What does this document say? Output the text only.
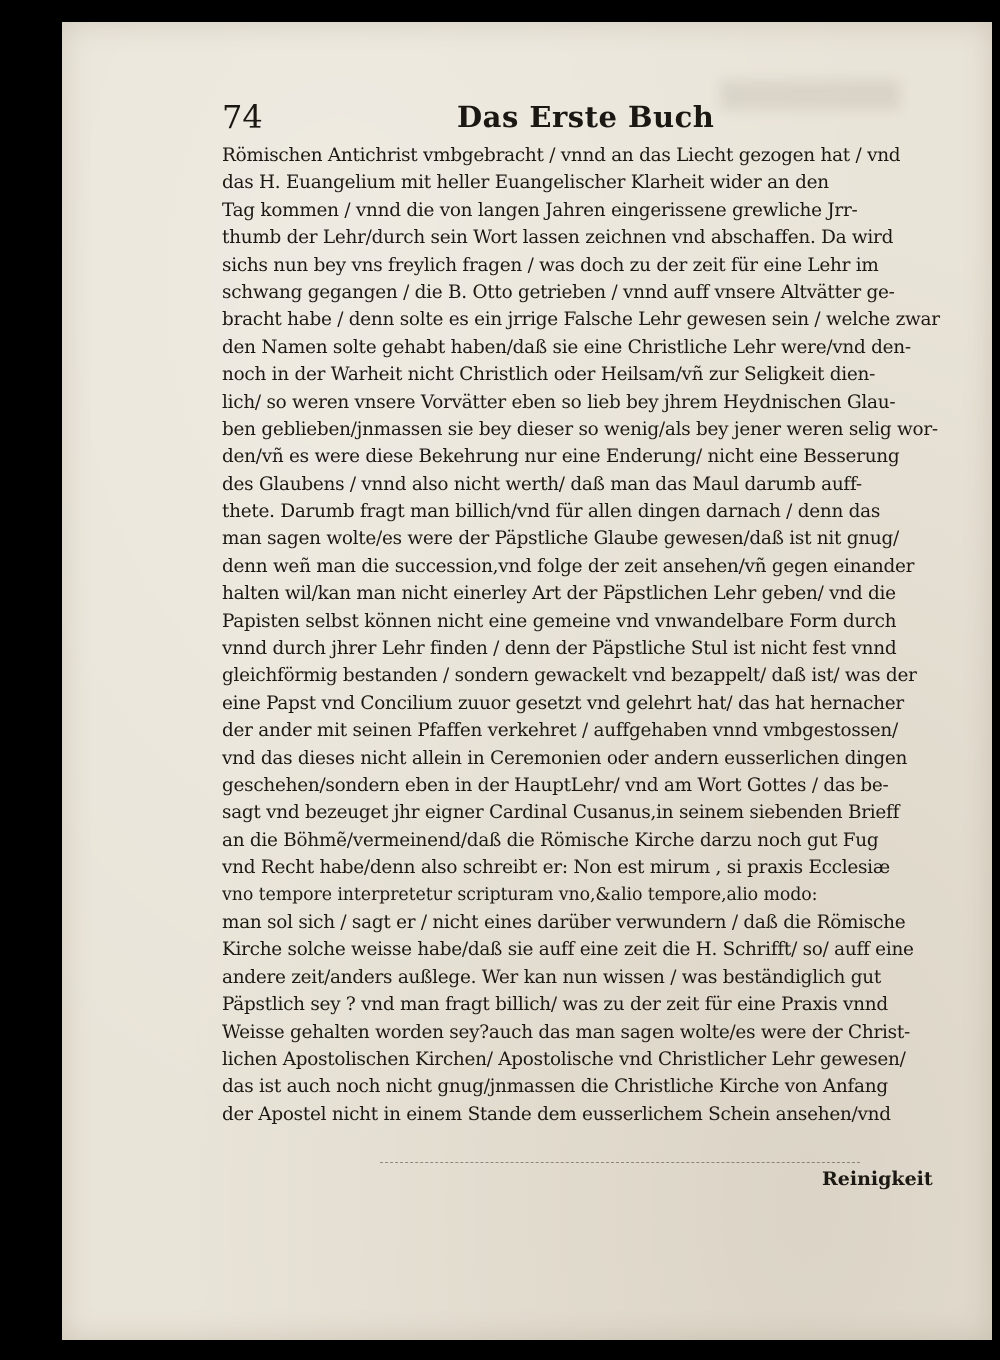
74	Das Erste Buch
Römischen Antichrist vmbgebracht / vnnd an das Liecht gezogen hat / vnd
das H. Euangelium mit heller Euangelischer Klarheit wider an den
Tag kommen / vnnd die von langen Jahren eingerissene grewliche Jrr-
thumb der Lehr/durch sein Wort lassen zeichnen vnd abschaffen. Da wird
sichs nun bey vns freylich fragen / was doch zu der zeit für eine Lehr im
schwang gegangen / die B. Otto getrieben / vnnd auff vnsere Altvätter ge-
bracht habe / denn solte es ein jrrige Falsche Lehr gewesen sein / welche zwar
den Namen solte gehabt haben/daß sie eine Christliche Lehr were/vnd den-
noch in der Warheit nicht Christlich oder Heilsam/vñ zur Seligkeit dien-
lich/ so weren vnsere Vorvätter eben so lieb bey jhrem Heydnischen Glau-
ben geblieben/jnmassen sie bey dieser so wenig/als bey jener weren selig wor-
den/vñ es were diese Bekehrung nur eine Enderung/ nicht eine Besserung
des Glaubens / vnnd also nicht werth/ daß man das Maul darumb auff-
thete. Darumb fragt man billich/vnd für allen dingen darnach / denn das
man sagen wolte/es were der Päpstliche Glaube gewesen/daß ist nit gnug/
denn weñ man die succession,vnd folge der zeit ansehen/vñ gegen einander
halten wil/kan man nicht einerley Art der Päpstlichen Lehr geben/ vnd die
Papisten selbst können nicht eine gemeine vnd vnwandelbare Form durch
vnnd durch jhrer Lehr finden / denn der Päpstliche Stul ist nicht fest vnnd
gleichförmig bestanden / sondern gewackelt vnd bezappelt/ daß ist/ was der
eine Papst vnd Concilium zuuor gesetzt vnd gelehrt hat/ das hat hernacher
der ander mit seinen Pfaffen verkehret / auffgehaben vnnd vmbgestossen/
vnd das dieses nicht allein in Ceremonien oder andern eusserlichen dingen
geschehen/sondern eben in der HauptLehr/ vnd am Wort Gottes / das be-
sagt vnd bezeuget jhr eigner Cardinal Cusanus,in seinem siebenden Brieff
an die Böhmẽ/vermeinend/daß die Römische Kirche darzu noch gut Fug
vnd Recht habe/denn also schreibt er: Non est mirum , si praxis Ecclesiæ
vno tempore interpretetur scripturam vno,&alio tempore,alio modo:
man sol sich / sagt er / nicht eines darüber verwundern / daß die Römische
Kirche solche weisse habe/daß sie auff eine zeit die H. Schrifft/ so/ auff eine
andere zeit/anders außlege. Wer kan nun wissen / was beständiglich gut
Päpstlich sey ? vnd man fragt billich/ was zu der zeit für eine Praxis vnnd
Weisse gehalten worden sey?auch das man sagen wolte/es were der Christ-
lichen Apostolischen Kirchen/ Apostolische vnd Christlicher Lehr gewesen/
das ist auch noch nicht gnug/jnmassen die Christliche Kirche von Anfang
der Apostel nicht in einem Stande dem eusserlichem Schein ansehen/vnd
Reinigkeit
